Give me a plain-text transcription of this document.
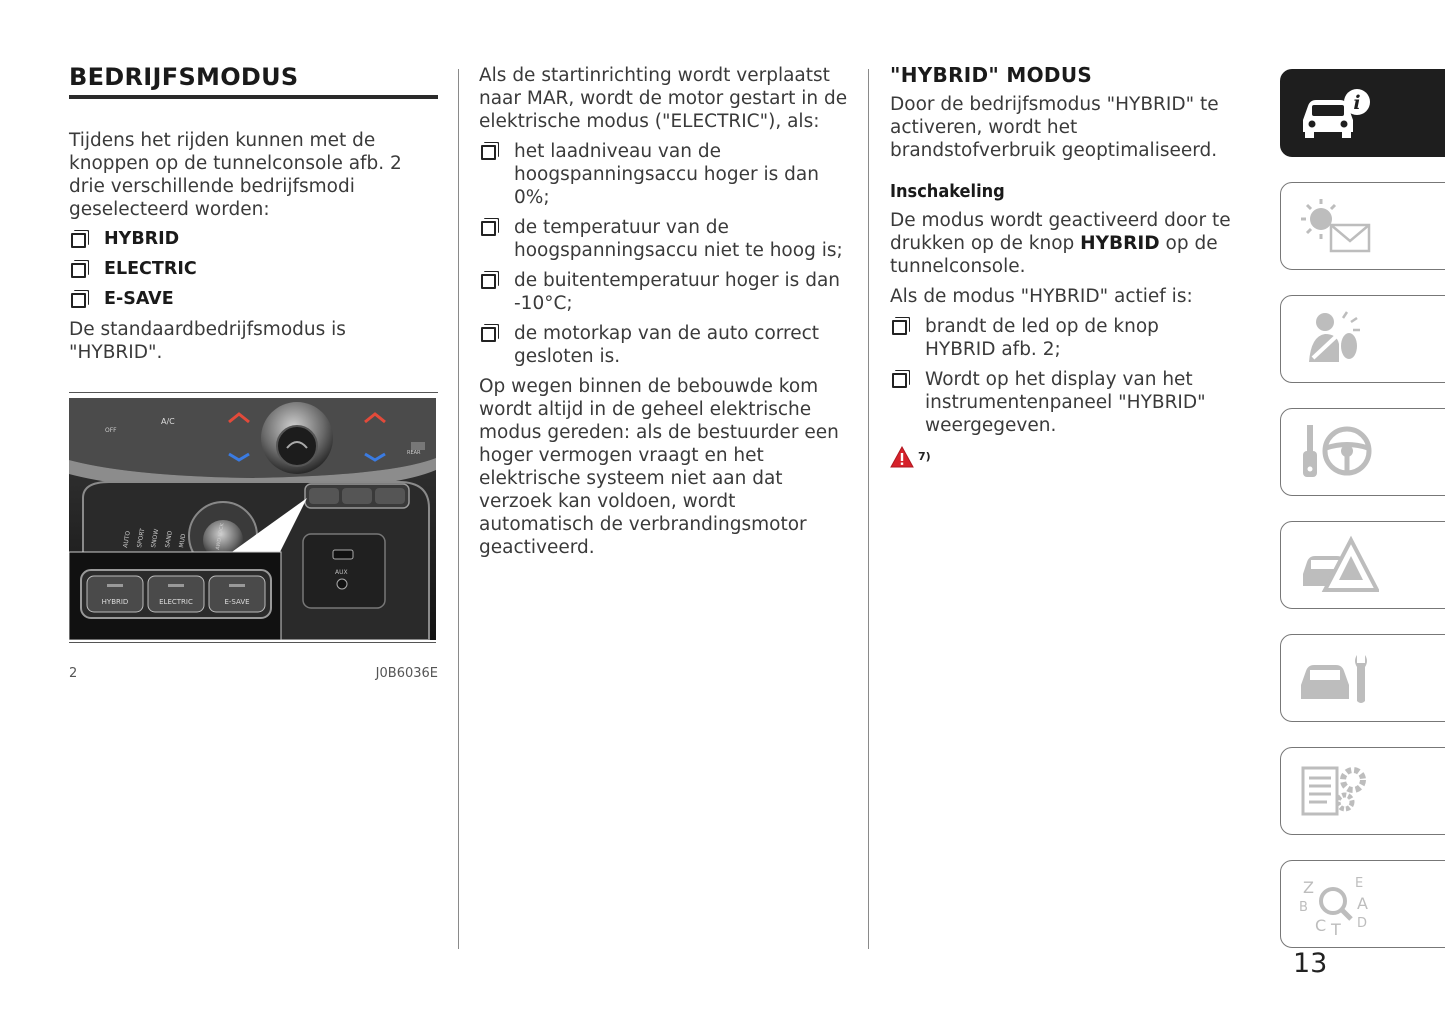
BEDRIJFSMODUS

Tijdens het rijden kunnen met de knoppen op de tunnelconsole afb. 2 drie verschillende bedrijfsmodi geselecteerd worden:

HYBRID
ELECTRIC
E-SAVE

De standaardbedrijfsmodus is "HYBRID".

A/C
OFF
REAR
AUTO SPORT SNOW SAND MUD	AWD LOCK
AUX
HYBRID	ELECTRIC	E-SAVE
2	J0B6036E

Als de startinrichting wordt verplaatst naar MAR, wordt de motor gestart in de elektrische modus ("ELECTRIC"), als:

het laadniveau van de hoogspanningsaccu hoger is dan 0%;
de temperatuur van de hoogspanningsaccu niet te hoog is;
de buitentemperatuur hoger is dan -10°C;
de motorkap van de auto correct gesloten is.

Op wegen binnen de bebouwde kom wordt altijd in de geheel elektrische modus gereden: als de bestuurder een hoger vermogen vraagt en het elektrische systeem niet aan dat verzoek kan voldoen, wordt automatisch de verbrandingsmotor geactiveerd.

"HYBRID" MODUS

Door de bedrijfsmodus "HYBRID" te activeren, wordt het brandstofverbruik geoptimaliseerd.

Inschakeling

De modus wordt geactiveerd door te drukken op de knop HYBRID op de tunnelconsole.

Als de modus "HYBRID" actief is:

brandt de led op de knop HYBRID afb. 2;
Wordt op het display van het instrumentenpaneel "HYBRID" weergegeven.
7)
i
Z	E
B	A
C T D
13
